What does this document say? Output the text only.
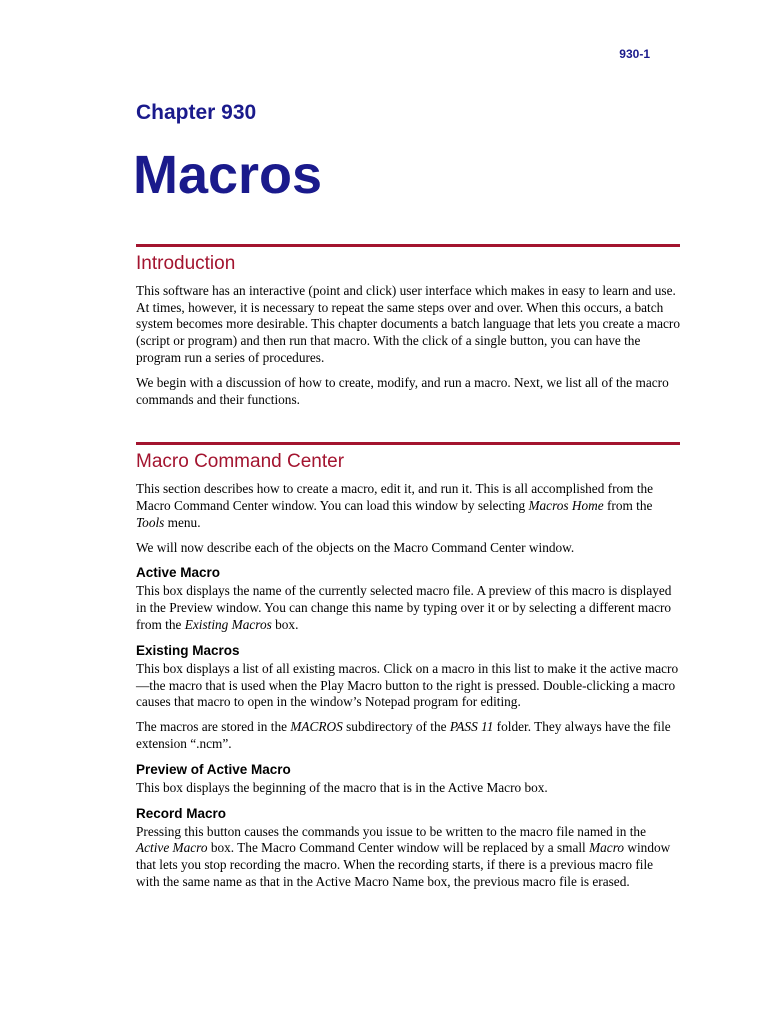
930-1
Chapter 930
Macros
Introduction

This software has an interactive (point and click) user interface which makes in easy to learn and use. At times, however, it is necessary to repeat the same steps over and over. When this occurs, a batch system becomes more desirable. This chapter documents a batch language that lets you create a macro (script or program) and then run that macro. With the click of a single button, you can have the program run a series of procedures.

We begin with a discussion of how to create, modify, and run a macro. Next, we list all of the macro commands and their functions.

Macro Command Center

This section describes how to create a macro, edit it, and run it. This is all accomplished from the Macro Command Center window. You can load this window by selecting Macros Home from the Tools menu.

We will now describe each of the objects on the Macro Command Center window.

Active Macro

This box displays the name of the currently selected macro file. A preview of this macro is displayed in the Preview window. You can change this name by typing over it or by selecting a different macro from the Existing Macros box.

Existing Macros

This box displays a list of all existing macros. Click on a macro in this list to make it the active macro—the macro that is used when the Play Macro button to the right is pressed. Double-clicking a macro causes that macro to open in the window’s Notepad program for editing.

The macros are stored in the MACROS subdirectory of the PASS 11 folder. They always have the file extension “.ncm”.

Preview of Active Macro

This box displays the beginning of the macro that is in the Active Macro box.

Record Macro

Pressing this button causes the commands you issue to be written to the macro file named in the Active Macro box. The Macro Command Center window will be replaced by a small Macro window that lets you stop recording the macro. When the recording starts, if there is a previous macro file with the same name as that in the Active Macro Name box, the previous macro file is erased.
